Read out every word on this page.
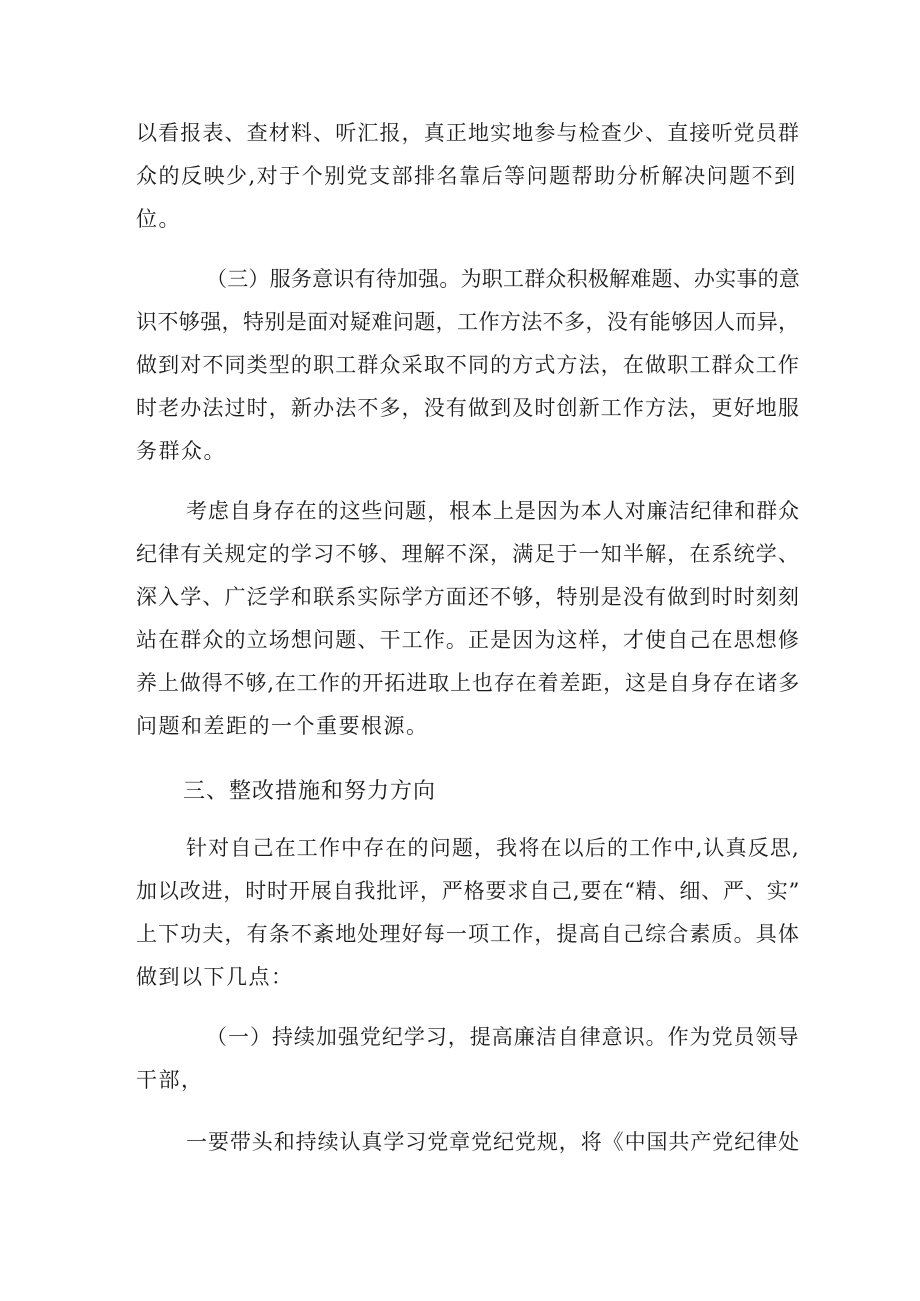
以看报表、查材料、听汇报，真正地实地参与检查少、直接听党员群
众的反映少,对于个别党支部排名靠后等问题帮助分析解决问题不到
位。
（三）服务意识有待加强。为职工群众积极解难题、办实事的意
识不够强，特别是面对疑难问题，工作方法不多，没有能够因人而异，
做到对不同类型的职工群众采取不同的方式方法，在做职工群众工作
时老办法过时，新办法不多，没有做到及时创新工作方法，更好地服
务群众。
考虑自身存在的这些问题，根本上是因为本人对廉洁纪律和群众
纪律有关规定的学习不够、理解不深，满足于一知半解，在系统学、
深入学、广泛学和联系实际学方面还不够，特别是没有做到时时刻刻
站在群众的立场想问题、干工作。正是因为这样，才使自己在思想修
养上做得不够,在工作的开拓进取上也存在着差距，这是自身存在诸多
问题和差距的一个重要根源。
三、整改措施和努力方向
针对自己在工作中存在的问题，我将在以后的工作中,认真反思,
加以改进，时时开展自我批评，严格要求自己,要在“精、细、严、实”
上下功夫，有条不紊地处理好每一项工作，提高自己综合素质。具体
做到以下几点：
（一）持续加强党纪学习，提高廉洁自律意识。作为党员领导
干部，
一要带头和持续认真学习党章党纪党规，将《中国共产党纪律处
